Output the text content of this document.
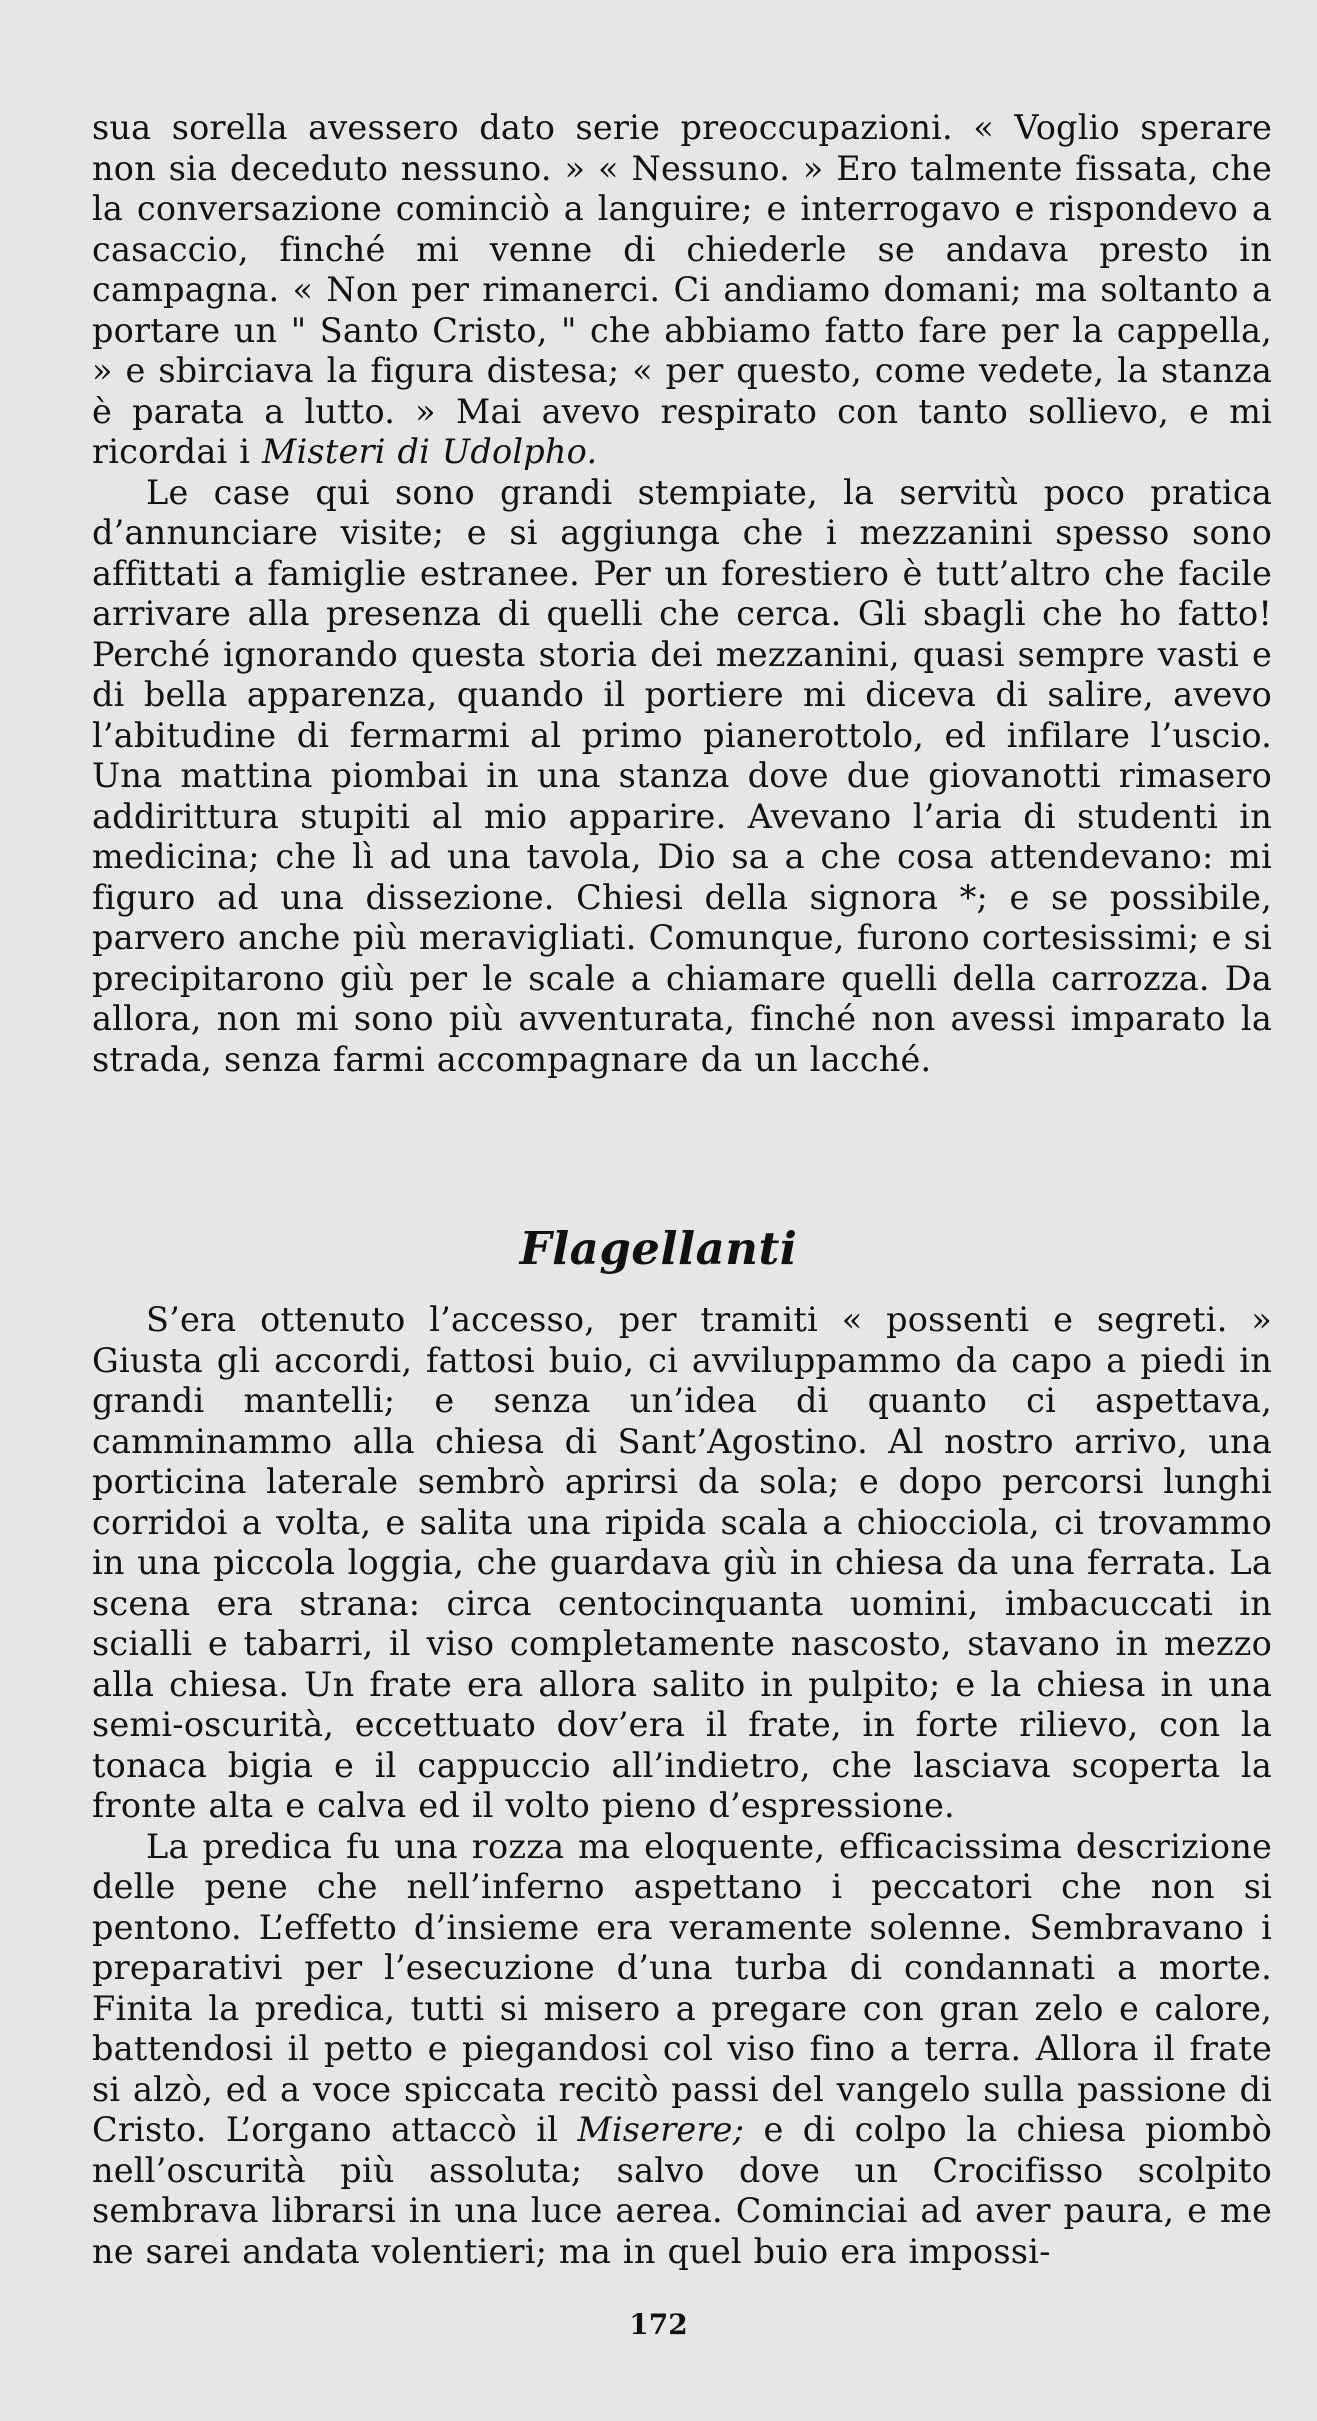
sua sorella avessero dato serie preoccupazioni. « Voglio sperare non sia deceduto nessuno. » « Nessuno. » Ero talmente fissata, che la conversazione cominciò a languire; e interrogavo e rispondevo a casaccio, finché mi venne di chiederle se andava presto in campagna. « Non per rimanerci. Ci andiamo domani; ma soltanto a portare un " Santo Cristo, " che abbiamo fatto fare per la cappella, » e sbirciava la figura distesa; « per questo, come vedete, la stanza è parata a lutto. » Mai avevo respirato con tanto sollievo, e mi ricordai i Misteri di Udolpho.

Le case qui sono grandi stempiate, la servitù poco pratica d’annunciare visite; e si aggiunga che i mezzanini spesso sono affittati a famiglie estranee. Per un forestiero è tutt’altro che facile arrivare alla presenza di quelli che cerca. Gli sbagli che ho fatto! Perché ignorando questa storia dei mezzanini, quasi sempre vasti e di bella apparenza, quando il portiere mi diceva di salire, avevo l’abitudine di fermarmi al primo pianerottolo, ed infilare l’uscio. Una mattina piombai in una stanza dove due giovanotti rimasero addirittura stupiti al mio apparire. Avevano l’aria di studenti in medicina; che lì ad una tavola, Dio sa a che cosa attendevano: mi figuro ad una dissezione. Chiesi della signora *; e se possibile, parvero anche più meravigliati. Comunque, furono cortesissimi; e si precipitarono giù per le scale a chiamare quelli della carrozza. Da allora, non mi sono più avventurata, finché non avessi imparato la strada, senza farmi accompagnare da un lacché.

Flagellanti

S’era ottenuto l’accesso, per tramiti « possenti e segreti. » Giusta gli accordi, fattosi buio, ci avviluppammo da capo a piedi in grandi mantelli; e senza un’idea di quanto ci aspettava, camminammo alla chiesa di Sant’Agostino. Al nostro arrivo, una porticina laterale sembrò aprirsi da sola; e dopo percorsi lunghi corridoi a volta, e salita una ripida scala a chiocciola, ci trovammo in una piccola loggia, che guardava giù in chiesa da una ferrata. La scena era strana: circa centocinquanta uomini, imbacuccati in scialli e tabarri, il viso completamente nascosto, stavano in mezzo alla chiesa. Un frate era allora salito in pulpito; e la chiesa in una semi-oscurità, eccettuato dov’era il frate, in forte rilievo, con la tonaca bigia e il cappuccio all’indietro, che lasciava scoperta la fronte alta e calva ed il volto pieno d’espressione.

La predica fu una rozza ma eloquente, efficacissima descrizione delle pene che nell’inferno aspettano i peccatori che non si pentono. L’effetto d’insieme era veramente solenne. Sembravano i preparativi per l’esecuzione d’una turba di condannati a morte. Finita la predica, tutti si misero a pregare con gran zelo e calore, battendosi il petto e piegandosi col viso fino a terra. Allora il frate si alzò, ed a voce spiccata recitò passi del vangelo sulla passione di Cristo. L’organo attaccò il Miserere; e di colpo la chiesa piombò nell’oscurità più assoluta; salvo dove un Crocifisso scolpito sembrava librarsi in una luce aerea. Cominciai ad aver paura, e me ne sarei andata volentieri; ma in quel buio era impossi-

172
